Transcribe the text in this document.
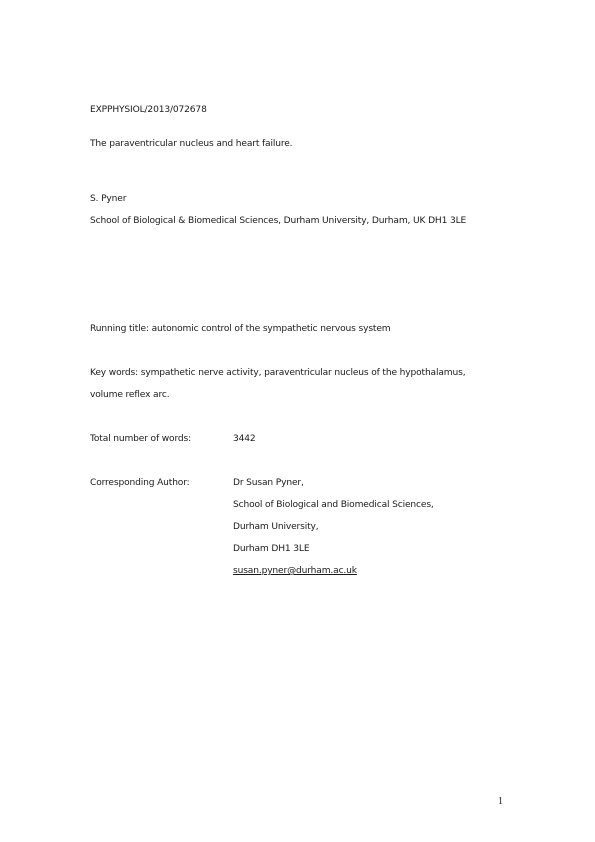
EXPPHYSIOL/2013/072678
The paraventricular nucleus and heart failure.
S. Pyner
School of Biological & Biomedical Sciences, Durham University, Durham, UK DH1 3LE
Running title: autonomic control of the sympathetic nervous system
Key words: sympathetic nerve activity, paraventricular nucleus of the hypothalamus,
volume reflex arc.
Total number of words:	3442
Corresponding Author:	Dr Susan Pyner,
School of Biological and Biomedical Sciences,
Durham University,
Durham DH1 3LE
susan.pyner@durham.ac.uk
1
